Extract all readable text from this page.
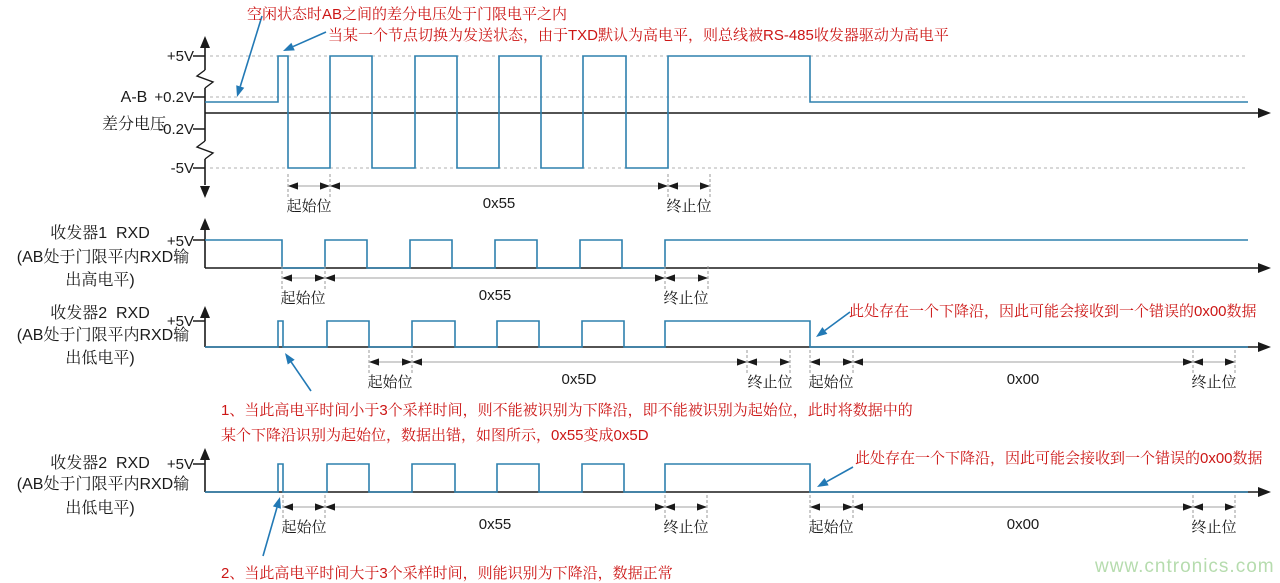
空闲状态时AB之间的差分电压处于门限电平之内
当某一个节点切换为发送状态，由于TXD默认为高电平，则总线被RS-485收发器驱动为高电平
A-B
差分电压
+5V
+0.2V
-0.2V
-5V
起始位	0x55	终止位
收发器1  RXD
(AB处于门限平内RXD输
出高电平)
+5V
起始位	0x55	终止位
收发器2  RXD
(AB处于门限平内RXD输
出低电平)
+5V
起始位	0x5D	终止位	起始位	0x00	终止位
此处存在一个下降沿，因此可能会接收到一个错误的0x00数据
1、当此高电平时间小于3个采样时间，则不能被识别为下降沿，即不能被识别为起始位，此时将数据中的
某个下降沿识别为起始位，数据出错，如图所示，0x55变成0x5D
收发器2  RXD
(AB处于门限平内RXD输
出低电平)
+5V
起始位	0x55	终止位	起始位	0x00	终止位
此处存在一个下降沿，因此可能会接收到一个错误的0x00数据
2、当此高电平时间大于3个采样时间，则能识别为下降沿，数据正常	www.cntronics.com
